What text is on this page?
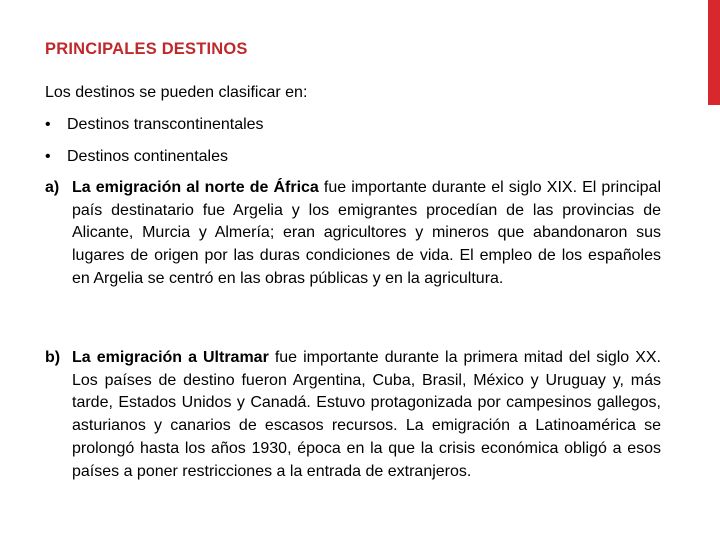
PRINCIPALES DESTINOS
Los destinos se pueden clasificar en:
• Destinos transcontinentales
• Destinos continentales
a) La emigración al norte de África fue importante durante el siglo XIX. El principal país destinatario fue Argelia y los emigrantes procedían de las provincias de Alicante, Murcia y Almería; eran agricultores y mineros que abandonaron sus lugares de origen por las duras condiciones de vida. El empleo de los españoles en Argelia se centró en las obras públicas y en la agricultura.
b) La emigración a Ultramar fue importante durante la primera mitad del siglo XX. Los países de destino fueron Argentina, Cuba, Brasil, México y Uruguay y, más tarde, Estados Unidos y Canadá. Estuvo protagonizada por campesinos gallegos, asturianos y canarios de escasos recursos. La emigración a Latinoamérica se prolongó hasta los años 1930, época en la que la crisis económica obligó a esos países a poner restricciones a la entrada de extranjeros.
